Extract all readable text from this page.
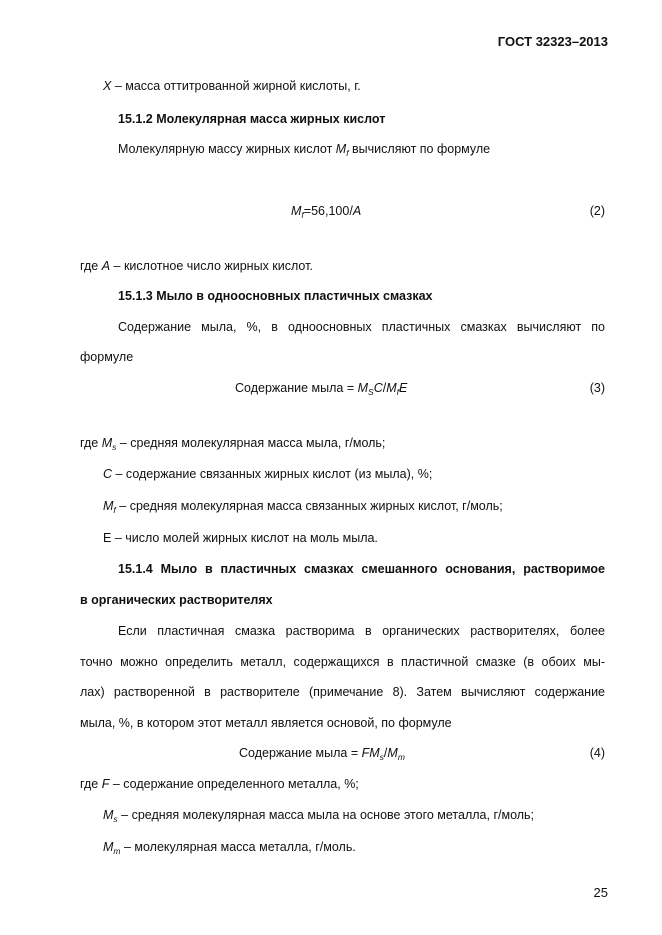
ГОСТ 32323–2013
X – масса оттитрованной жирной кислоты, г.
15.1.2 Молекулярная масса жирных кислот
Молекулярную массу жирных кислот $M_f$ вычисляют по формуле
$M_f=56,100/A$	(2)
где A – кислотное число жирных кислот.
15.1.3 Мыло в одноосновных пластичных смазках
Содержание мыла, %, в одноосновных пластичных смазках вычисляют по
формуле
Содержание мыла = $M_SC/M_fE$	(3)
где $M_s$ – средняя молекулярная масса мыла, г/моль;
C – содержание связанных жирных кислот (из мыла), %;
$M_f$ – средняя молекулярная масса связанных жирных кислот, г/моль;
E – число молей жирных кислот на моль мыла.
15.1.4 Мыло в пластичных смазках смешанного основания, растворимое
в органических растворителях
Если пластичная смазка растворима в органических растворителях, более
точно можно определить металл, содержащихся в пластичной смазке (в обоих мы-
лах) растворенной в растворителе (примечание 8). Затем вычисляют содержание
мыла, %, в котором этот металл является основой, по формуле
Содержание мыла = $FM_s/M_m$	(4)
где F – содержание определенного металла, %;
$M_s$ – средняя молекулярная масса мыла на основе этого металла, г/моль;
$M_m$ – молекулярная масса металла, г/моль.
25
